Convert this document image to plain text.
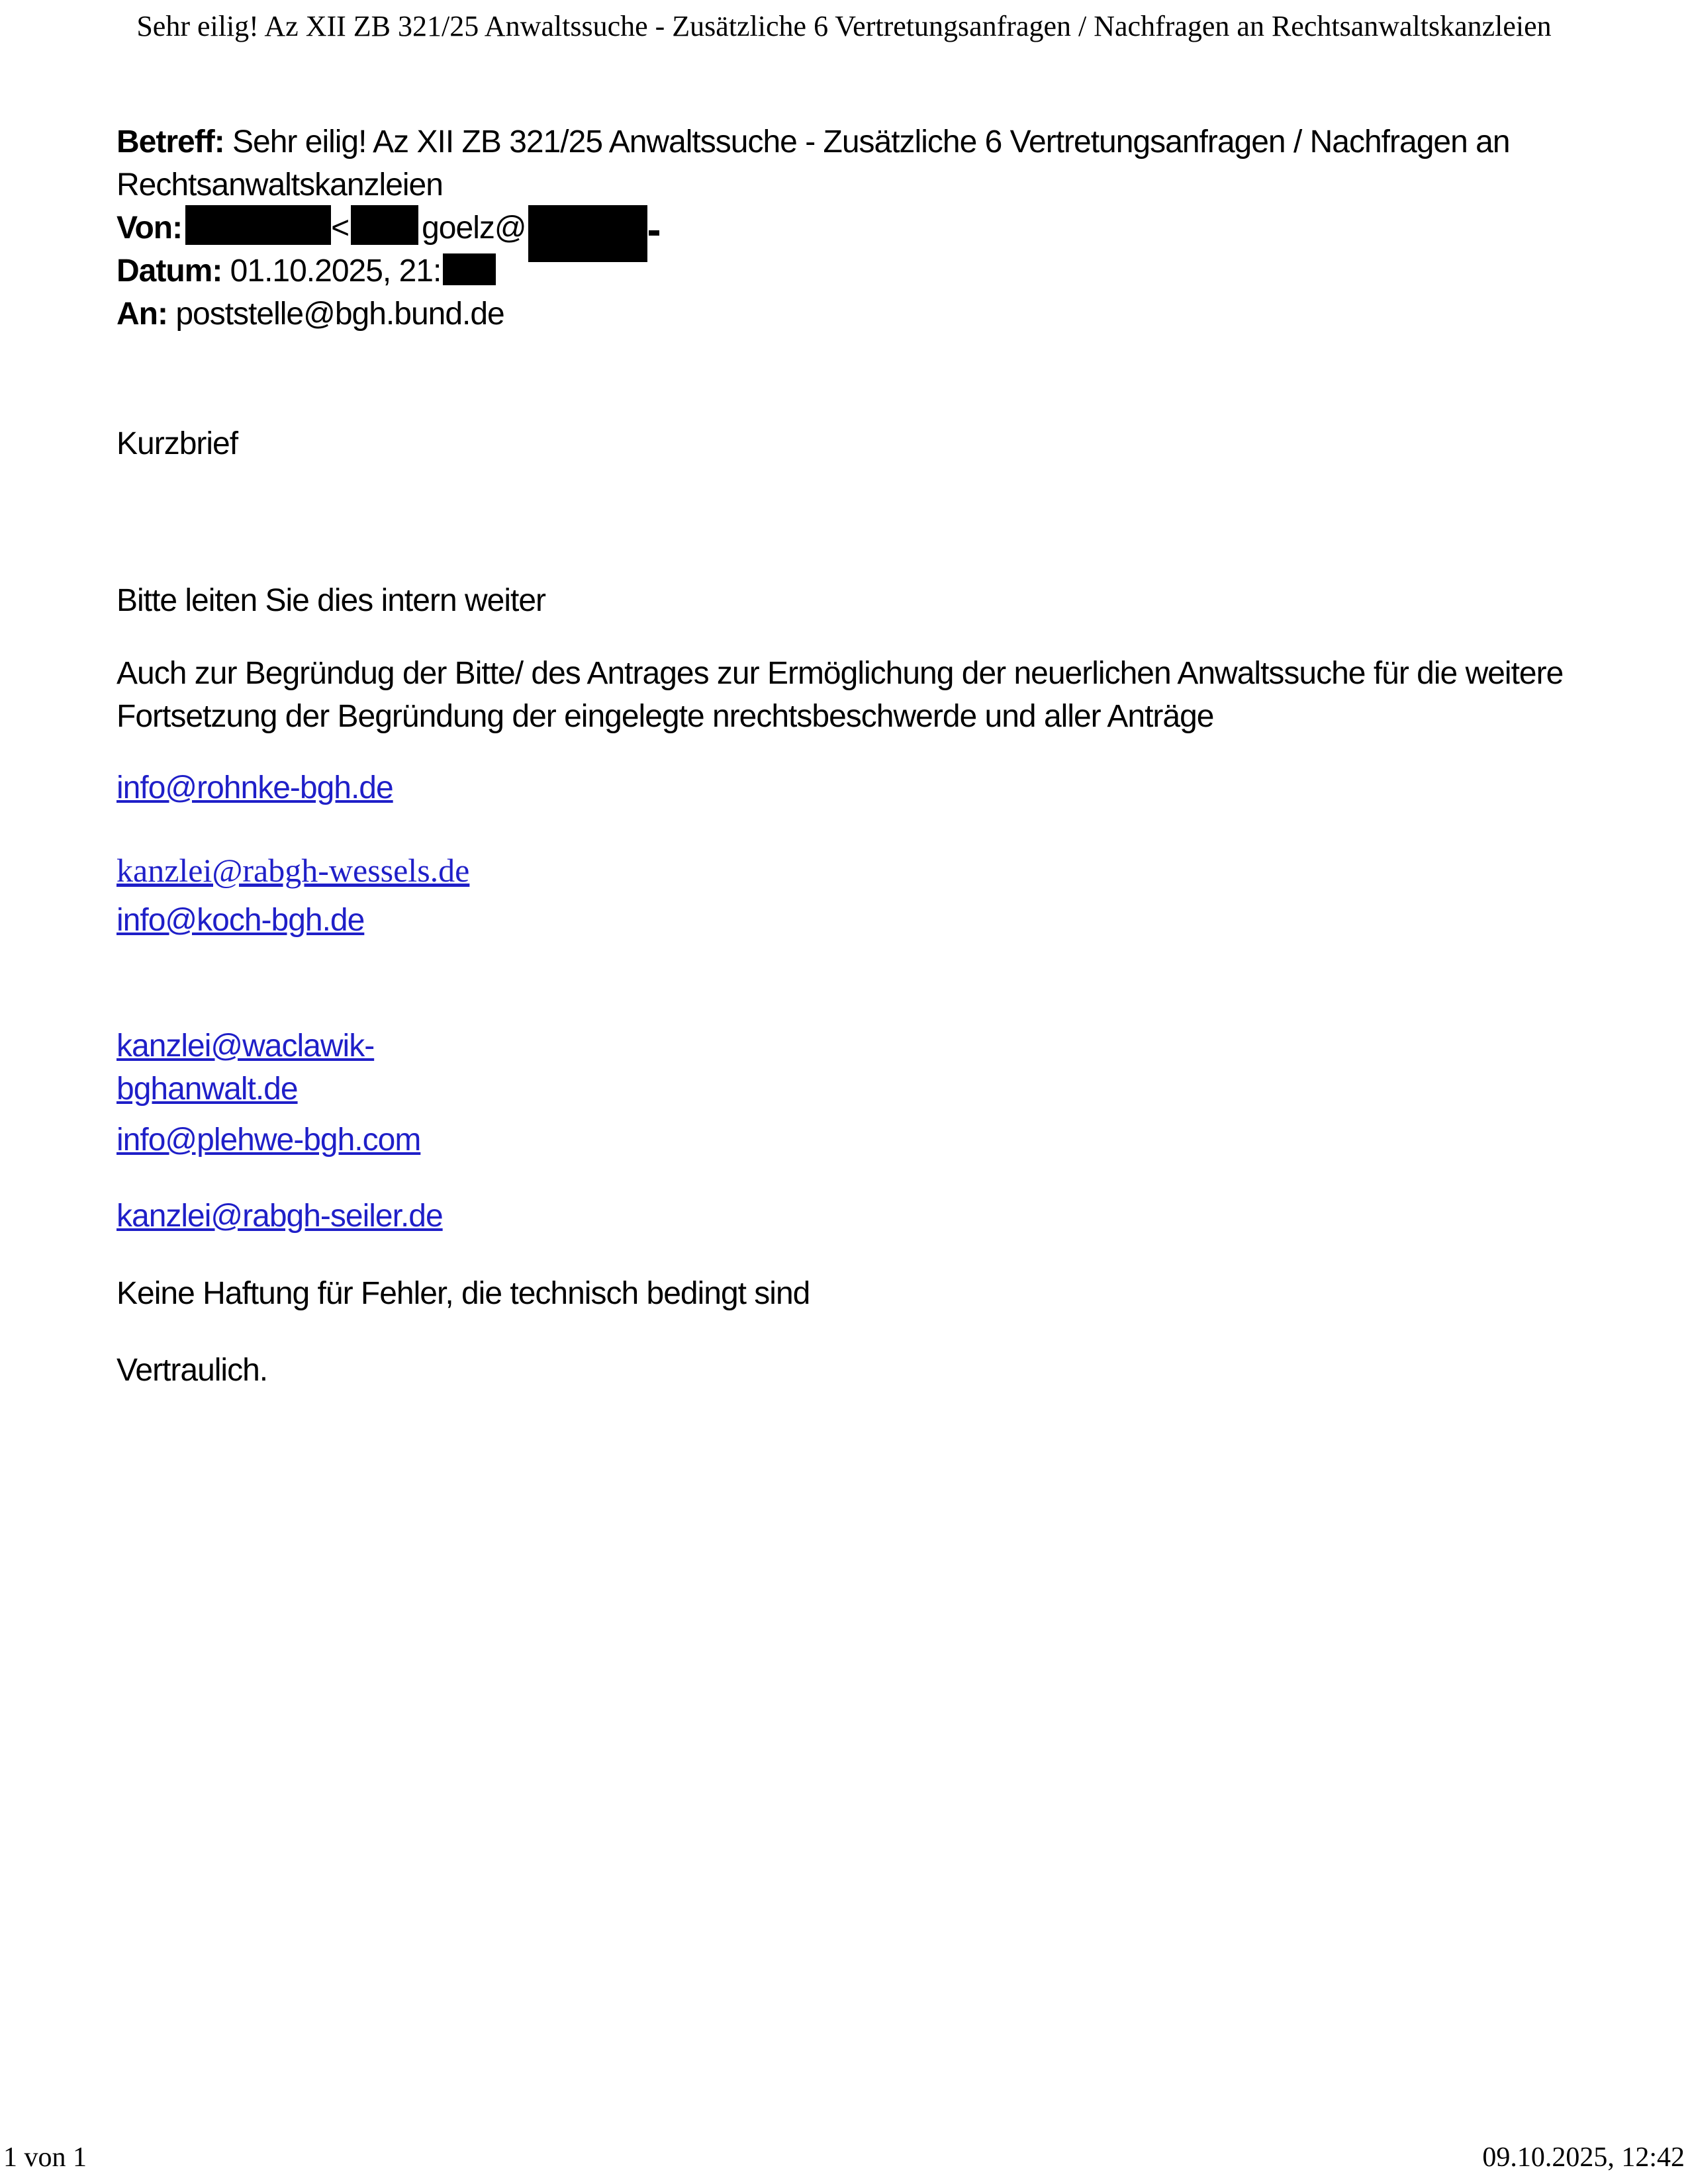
Sehr eilig! Az XII ZB 321/25 Anwaltssuche - Zusätzliche 6 Vertretungsanfragen / Nachfragen an Rechtsanwaltskanzleien
Betreff: Sehr eilig! Az XII ZB 321/25 Anwaltssuche - Zusätzliche 6 Vertretungsanfragen / Nachfragen an Rechtsanwaltskanzleien
Von:	< goelz@
Datum: 01.10.2025, 21:
An: poststelle@bgh.bund.de
Kurzbrief
Bitte leiten Sie dies intern weiter
Auch zur Begründug der Bitte/ des Antrages zur Ermöglichung der neuerlichen Anwaltssuche für die weitere Fortsetzung der Begründung der eingelegte nrechtsbeschwerde und aller Anträge
info@rohnke-bgh.de
kanzlei@rabgh-wessels.de
info@koch-bgh.de
kanzlei@waclawik-bghanwalt.de
info@plehwe-bgh.com
kanzlei@rabgh-seiler.de
Keine Haftung für Fehler, die technisch bedingt sind
Vertraulich.
1 von 1	09.10.2025, 12:42
